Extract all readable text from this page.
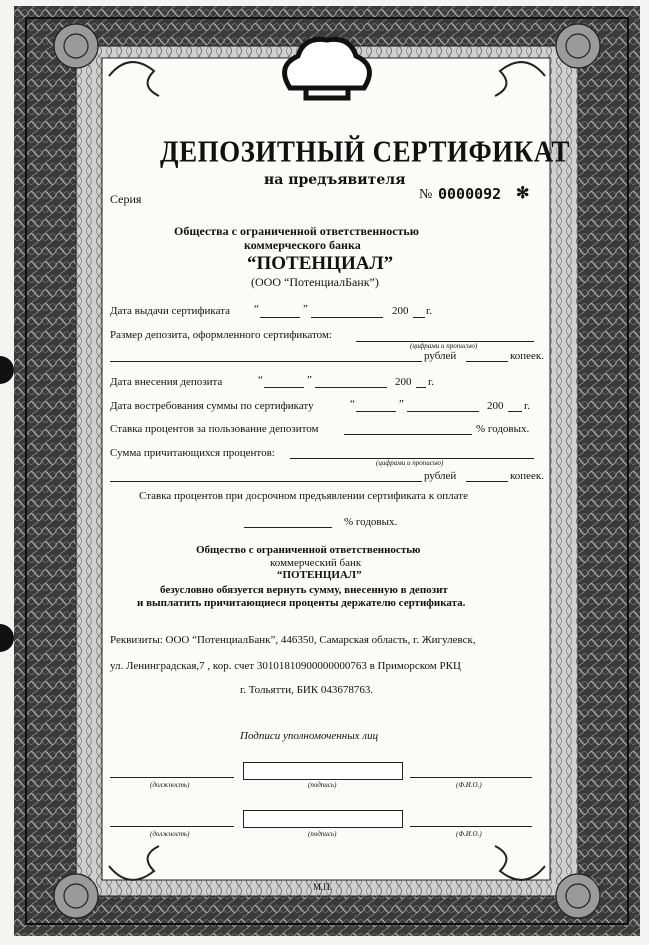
ДЕПОЗИТНЫЙ СЕРТИФИКАТ
на предъявителя
Серия	№ 0000092 ✻
Общества с ограниченной ответственностью
коммерческого банка
“ПОТЕНЦИАЛ”
(ООО “ПотенциалБанк”)
Дата выдачи сертификата “	”	200 г.
Размер депозита, оформленного сертификатом:
(цифрами и прописью)
рублей	копеек.
Дата внесения депозита	“	”	200 г.
Дата востребования суммы по сертификату	“	”	200 г.
Ставка процентов за пользование депозитом	% годовых.
Сумма причитающихся процентов:
(цифрами и прописью)
рублей	копеек.
Ставка процентов при досрочном предъявлении сертификата к оплате
% годовых.
Общество с ограниченной ответственностью
коммерческий банк
“ПОТЕНЦИАЛ”
безусловно обязуется вернуть сумму, внесенную в депозит
и выплатить причитающиеся проценты держателю сертификата.
Реквизиты: ООО “ПотенциалБанк”, 446350, Самарская область, г. Жигулевск,
ул. Ленинградская,7 , кор. счет 30101810900000000763 в Приморском РКЦ
г. Тольятти, БИК 043678763.
Подписи уполномоченных лиц
(должность)	(подпись)	(Ф.И.О.)
(должность)	(подпись)	(Ф.И.О.)
М.П.
